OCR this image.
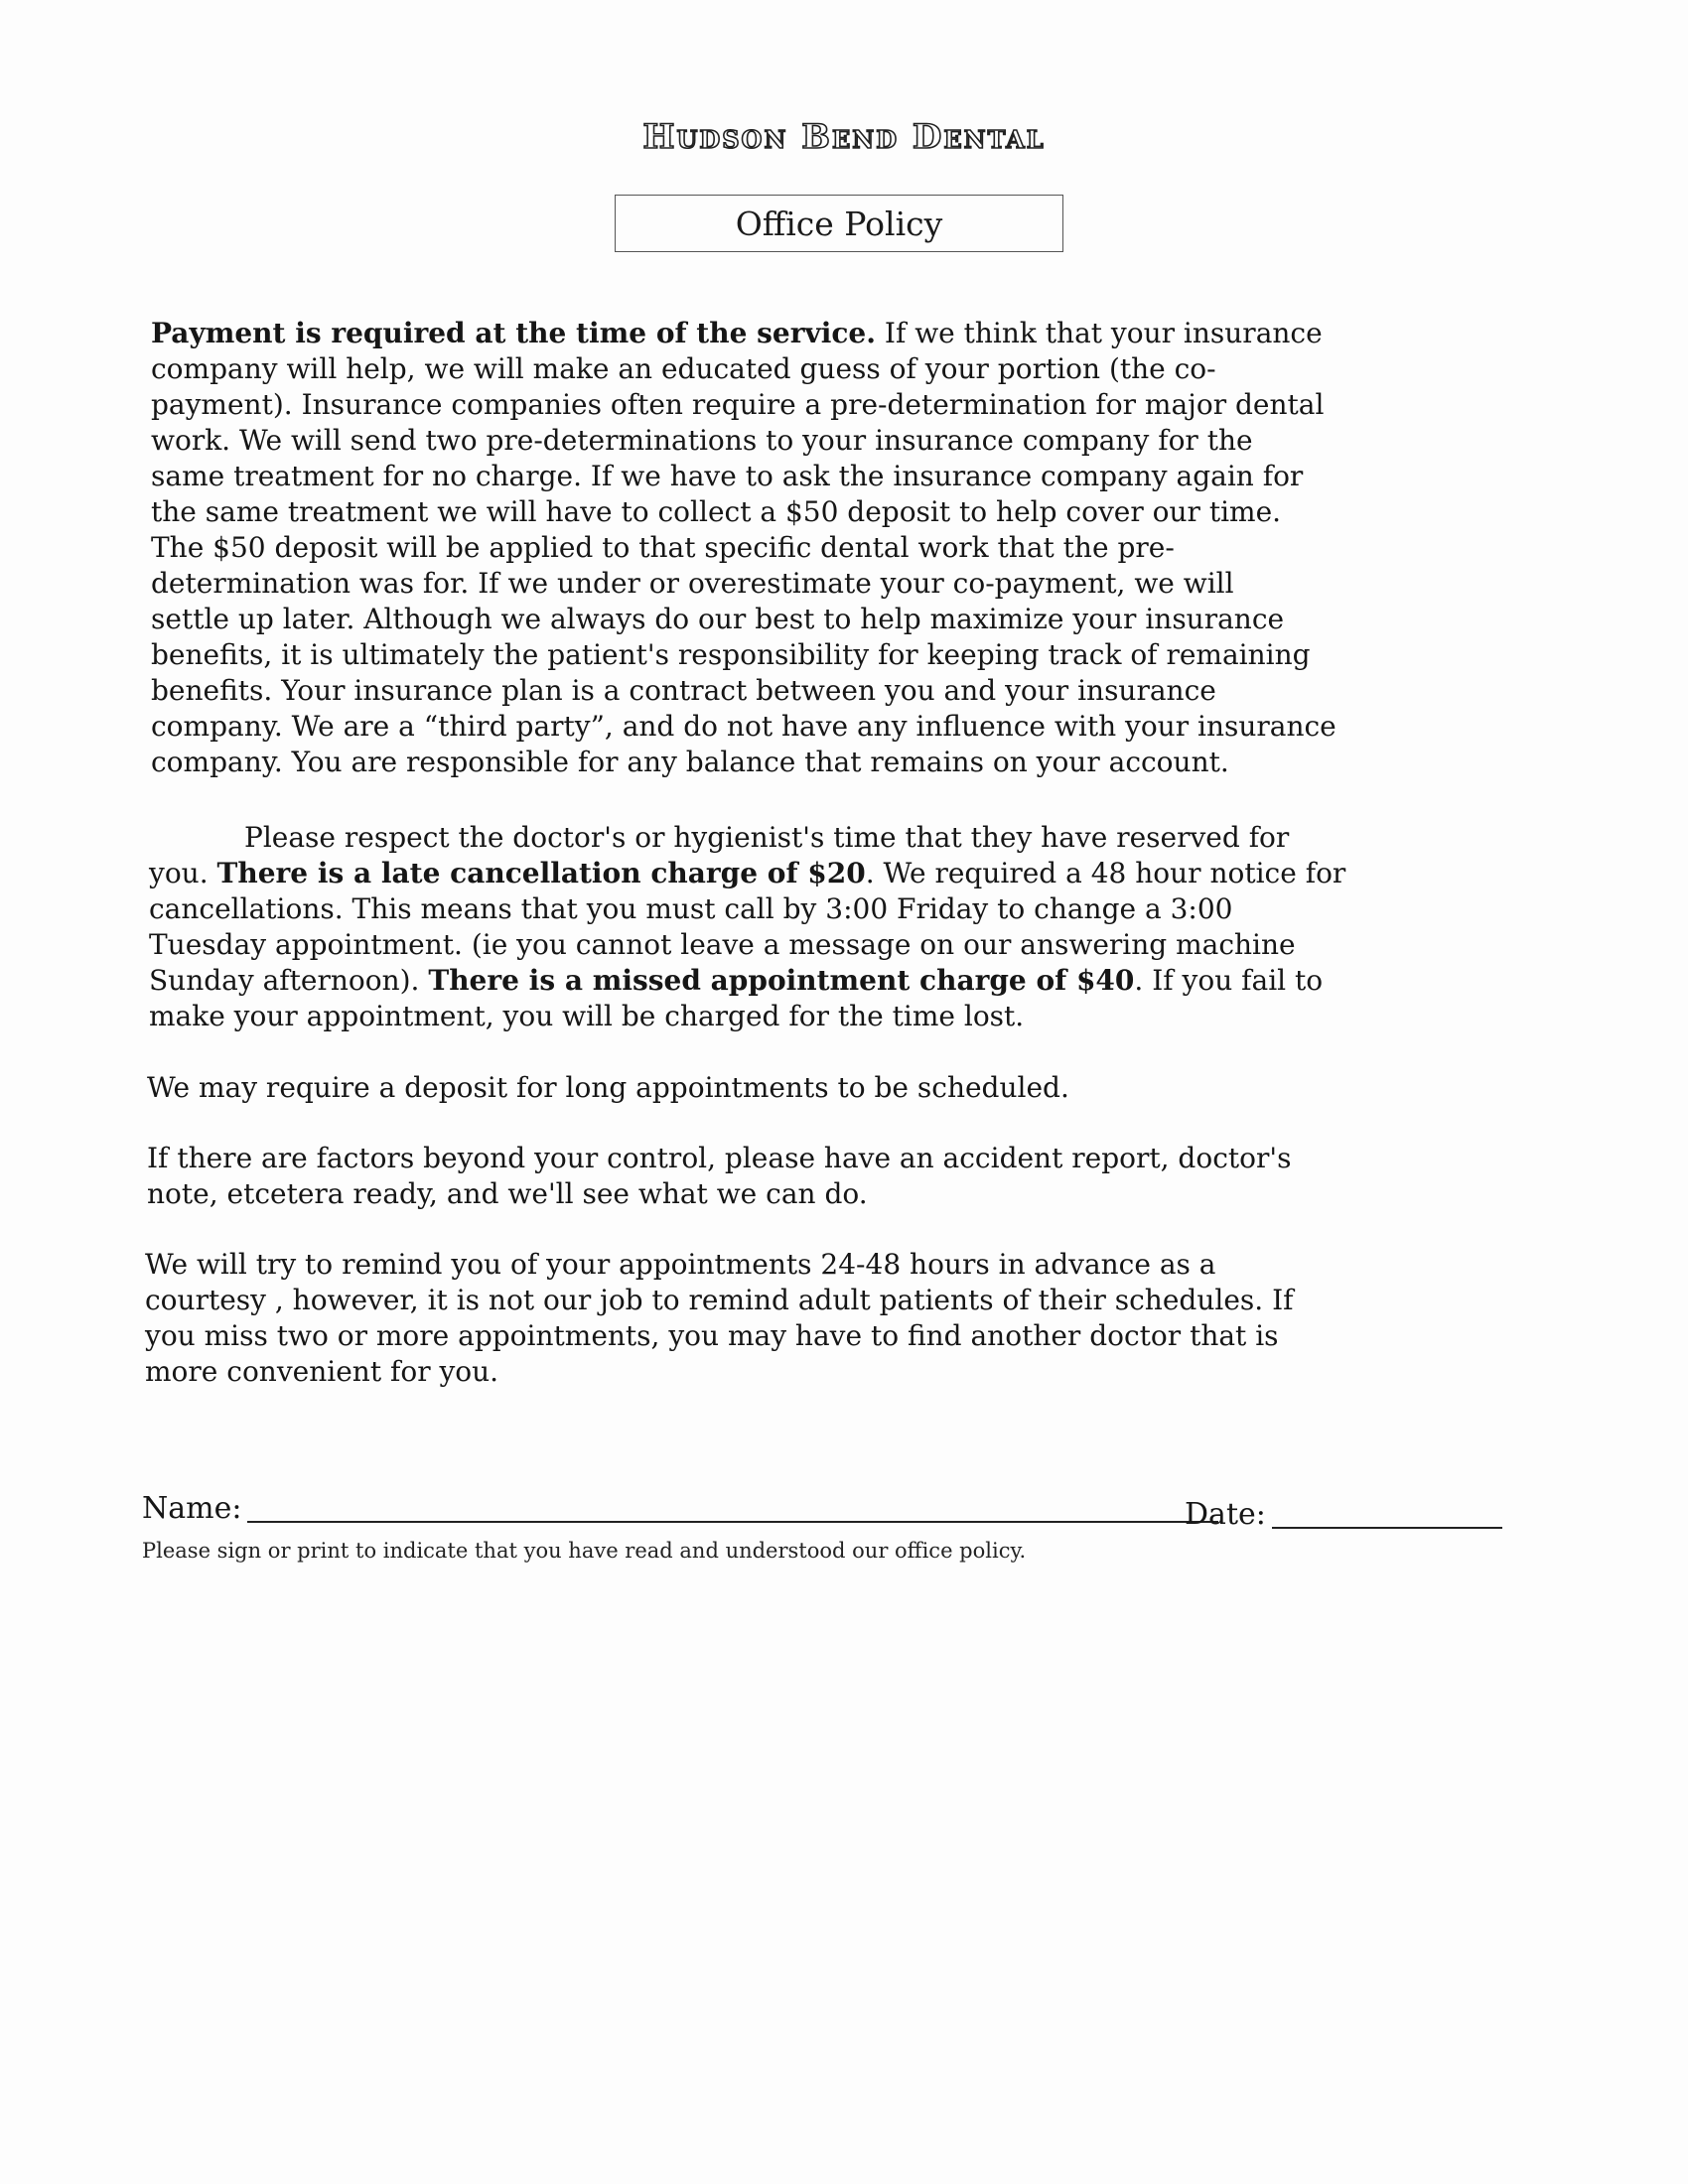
Hudson Bend Dental
Office Policy
Payment is required at the time of the service. If we think that your insurance
company will help, we will make an educated guess of your portion (the co-
payment). Insurance companies often require a pre-determination for major dental
work. We will send two pre-determinations to your insurance company for the
same treatment for no charge. If we have to ask the insurance company again for
the same treatment we will have to collect a $50 deposit to help cover our time.
The $50 deposit will be applied to that specific dental work that the pre-
determination was for. If we under or overestimate your co-payment, we will
settle up later. Although we always do our best to help maximize your insurance
benefits, it is ultimately the patient's responsibility for keeping track of remaining
benefits. Your insurance plan is a contract between you and your insurance
company. We are a “third party”, and do not have any influence with your insurance
company. You are responsible for any balance that remains on your account.
Please respect the doctor's or hygienist's time that they have reserved for
you. There is a late cancellation charge of $20. We required a 48 hour notice for
cancellations. This means that you must call by 3:00 Friday to change a 3:00
Tuesday appointment. (ie you cannot leave a message on our answering machine
Sunday afternoon). There is a missed appointment charge of $40. If you fail to
make your appointment, you will be charged for the time lost.
We may require a deposit for long appointments to be scheduled.
If there are factors beyond your control, please have an accident report, doctor's
note, etcetera ready, and we'll see what we can do.
We will try to remind you of your appointments 24-48 hours in advance as a
courtesy , however, it is not our job to remind adult patients of their schedules. If
you miss two or more appointments, you may have to find another doctor that is
more convenient for you.
Name:	Date:
Please sign or print to indicate that you have read and understood our office policy.
